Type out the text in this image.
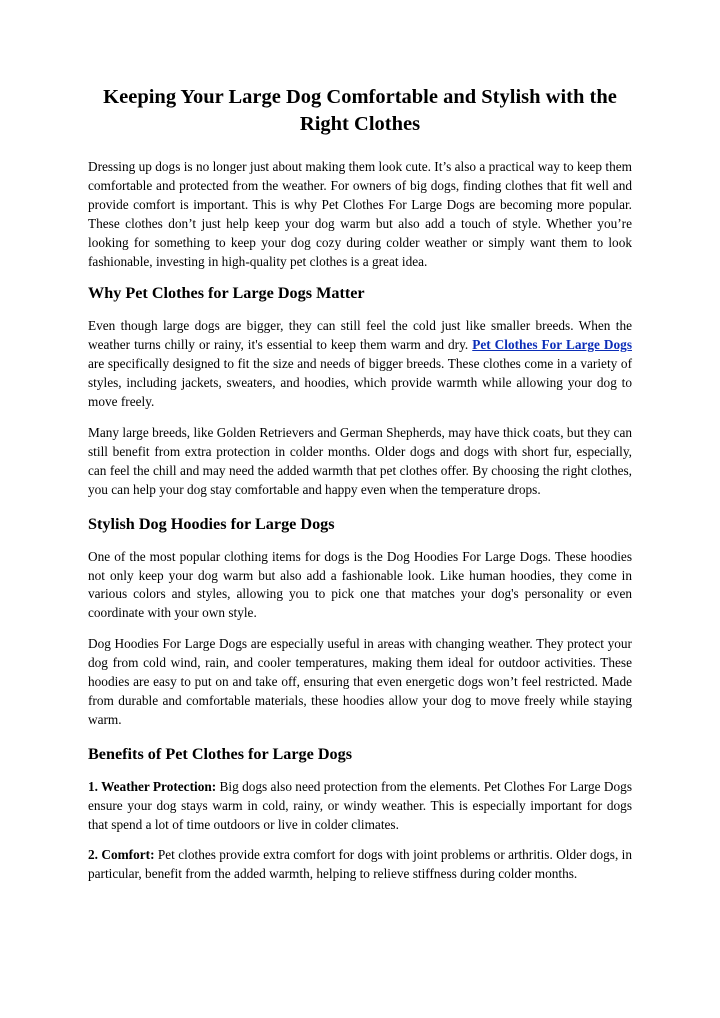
Keeping Your Large Dog Comfortable and Stylish with the Right Clothes

Dressing up dogs is no longer just about making them look cute. It’s also a practical way to keep them comfortable and protected from the weather. For owners of big dogs, finding clothes that fit well and provide comfort is important. This is why Pet Clothes For Large Dogs are becoming more popular. These clothes don’t just help keep your dog warm but also add a touch of style. Whether you’re looking for something to keep your dog cozy during colder weather or simply want them to look fashionable, investing in high-quality pet clothes is a great idea.

Why Pet Clothes for Large Dogs Matter

Even though large dogs are bigger, they can still feel the cold just like smaller breeds. When the weather turns chilly or rainy, it's essential to keep them warm and dry. Pet Clothes For Large Dogs are specifically designed to fit the size and needs of bigger breeds. These clothes come in a variety of styles, including jackets, sweaters, and hoodies, which provide warmth while allowing your dog to move freely.

Many large breeds, like Golden Retrievers and German Shepherds, may have thick coats, but they can still benefit from extra protection in colder months. Older dogs and dogs with short fur, especially, can feel the chill and may need the added warmth that pet clothes offer. By choosing the right clothes, you can help your dog stay comfortable and happy even when the temperature drops.

Stylish Dog Hoodies for Large Dogs

One of the most popular clothing items for dogs is the Dog Hoodies For Large Dogs. These hoodies not only keep your dog warm but also add a fashionable look. Like human hoodies, they come in various colors and styles, allowing you to pick one that matches your dog's personality or even coordinate with your own style.

Dog Hoodies For Large Dogs are especially useful in areas with changing weather. They protect your dog from cold wind, rain, and cooler temperatures, making them ideal for outdoor activities. These hoodies are easy to put on and take off, ensuring that even energetic dogs won’t feel restricted. Made from durable and comfortable materials, these hoodies allow your dog to move freely while staying warm.

Benefits of Pet Clothes for Large Dogs

1. Weather Protection: Big dogs also need protection from the elements. Pet Clothes For Large Dogs ensure your dog stays warm in cold, rainy, or windy weather. This is especially important for dogs that spend a lot of time outdoors or live in colder climates.

2. Comfort: Pet clothes provide extra comfort for dogs with joint problems or arthritis. Older dogs, in particular, benefit from the added warmth, helping to relieve stiffness during colder months.
